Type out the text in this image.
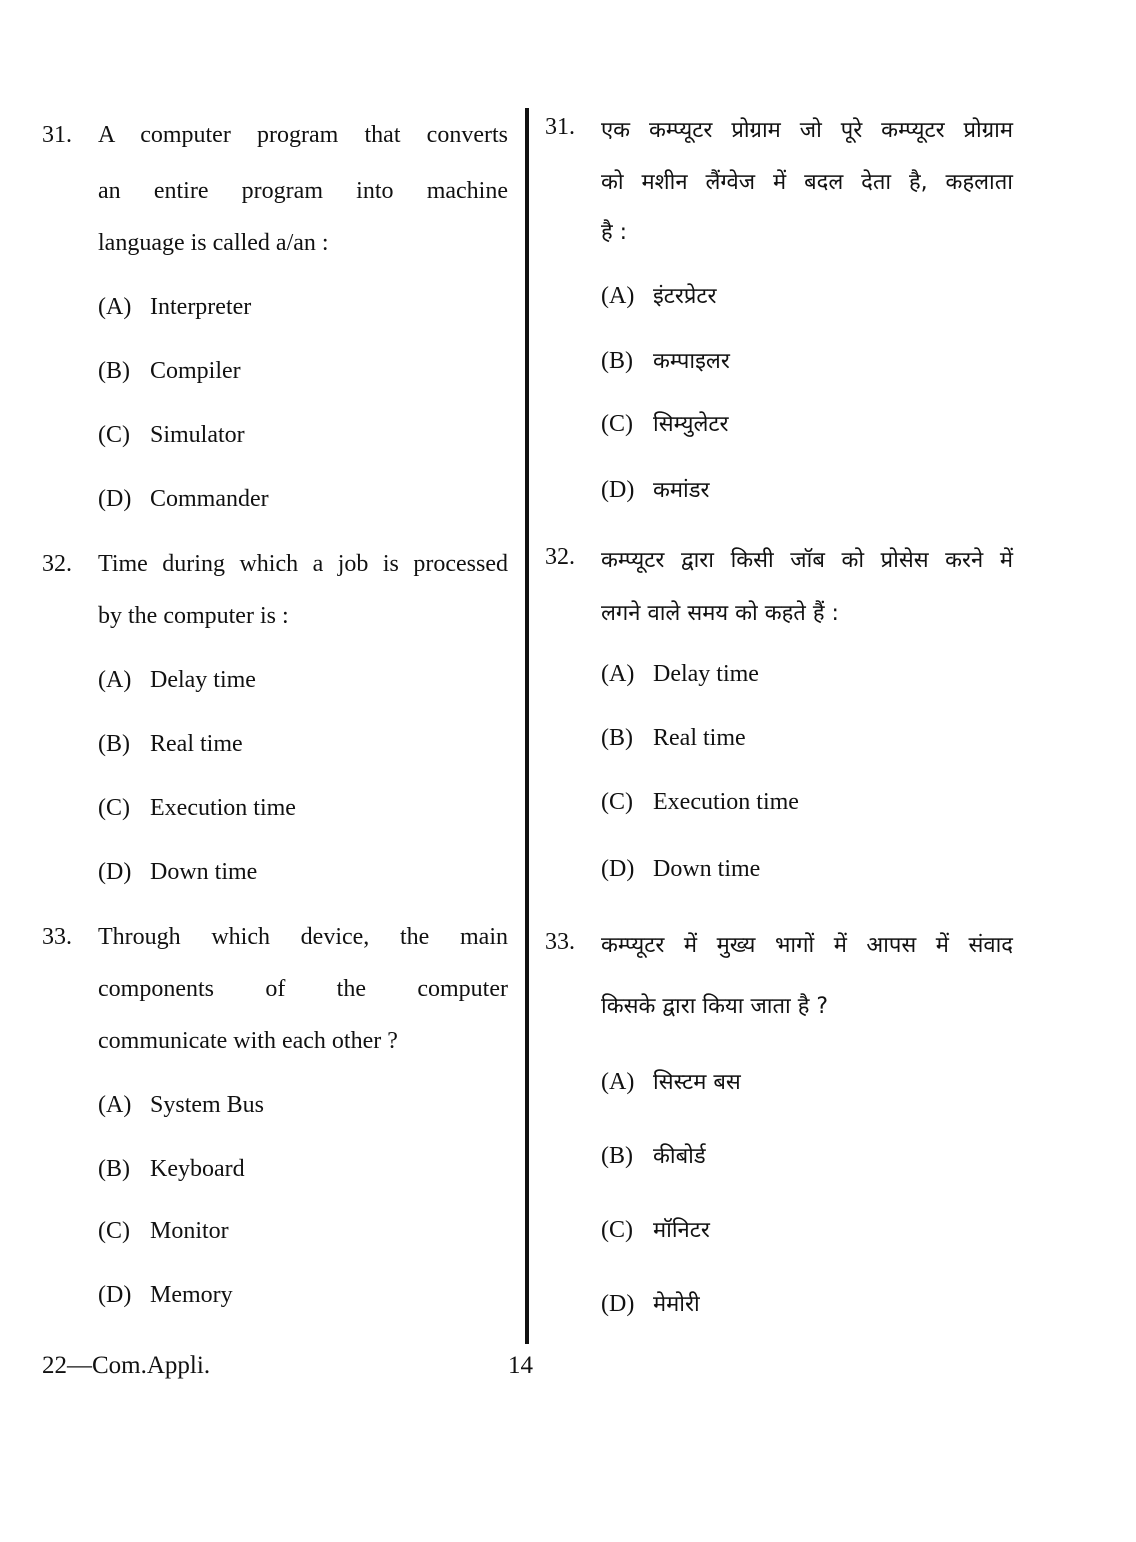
31. A computer program that converts
an entire program into machine
language is called a/an :
(A) Interpreter
(B) Compiler
(C) Simulator
(D) Commander
32. Time during which a job is processed
by the computer is :
(A) Delay time
(B) Real time
(C) Execution time
(D) Down time
33. Through which device, the main
components of the computer
communicate with each other ?
(A) System Bus
(B) Keyboard
(C) Monitor
(D) Memory
31. एक कम्प्यूटर प्रोग्राम जो पूरे कम्प्यूटर प्रोग्राम
को मशीन लैंग्वेज में बदल देता है, कहलाता
है :
(A) इंटरप्रेटर
(B) कम्पाइलर
(C) सिम्युलेटर
(D) कमांडर
32. कम्प्यूटर द्वारा किसी जॉब को प्रोसेस करने में
लगने वाले समय को कहते हैं :
(A) Delay time
(B) Real time
(C) Execution time
(D) Down time
33. कम्प्यूटर में मुख्य भागों में आपस में संवाद
किसके द्वारा किया जाता है ?
(A) सिस्टम बस
(B) कीबोर्ड
(C) मॉनिटर
(D) मेमोरी
22—Com.Appli.	14
